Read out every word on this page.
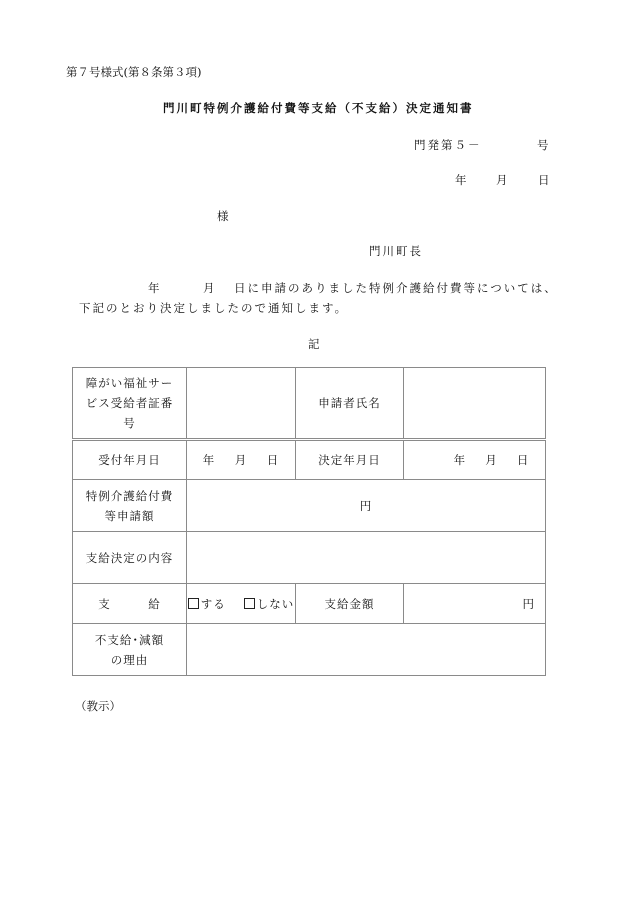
第７号様式(第８条第３項)
門川町特例介護給付費等支給（不支給）決定通知書
門発第５－	号
年	月	日
様
門川町長
年	月 日に申請のありました特例介護給付費等については、
下記のとおり決定しましたので通知します。
記
障がい福祉サー
ビス受給者証番
号		申請者氏名	
受付年月日	年 月 日	決定年月日	年 月 日

特例介護給付費
等申請額	円		
支給決定の内容			
支　　　給	する しない	支給金額	円

不支給･減額
の理由			

（教示）
